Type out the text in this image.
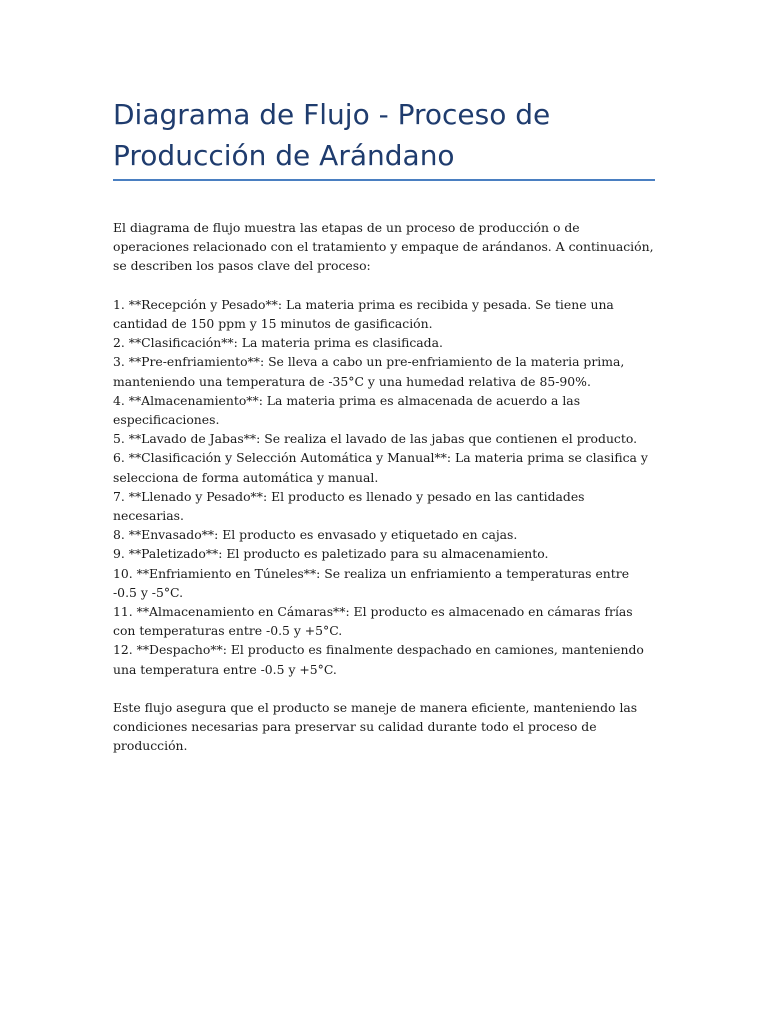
Diagrama de Flujo - Proceso de Producción de Arándano

El diagrama de flujo muestra las etapas de un proceso de producción o de operaciones relacionado con el tratamiento y empaque de arándanos. A continuación, se describen los pasos clave del proceso:

1. **Recepción y Pesado**: La materia prima es recibida y pesada. Se tiene una cantidad de 150 ppm y 15 minutos de gasificación.
2. **Clasificación**: La materia prima es clasificada.
3. **Pre-enfriamiento**: Se lleva a cabo un pre-enfriamiento de la materia prima, manteniendo una temperatura de -35°C y una humedad relativa de 85-90%.
4. **Almacenamiento**: La materia prima es almacenada de acuerdo a las especificaciones.
5. **Lavado de Jabas**: Se realiza el lavado de las jabas que contienen el producto.
6. **Clasificación y Selección Automática y Manual**: La materia prima se clasifica y selecciona de forma automática y manual.
7. **Llenado y Pesado**: El producto es llenado y pesado en las cantidades necesarias.
8. **Envasado**: El producto es envasado y etiquetado en cajas.
9. **Paletizado**: El producto es paletizado para su almacenamiento.
10. **Enfriamiento en Túneles**: Se realiza un enfriamiento a temperaturas entre -0.5 y -5°C.
11. **Almacenamiento en Cámaras**: El producto es almacenado en cámaras frías con temperaturas entre -0.5 y +5°C.
12. **Despacho**: El producto es finalmente despachado en camiones, manteniendo una temperatura entre -0.5 y +5°C.

Este flujo asegura que el producto se maneje de manera eficiente, manteniendo las condiciones necesarias para preservar su calidad durante todo el proceso de producción.
